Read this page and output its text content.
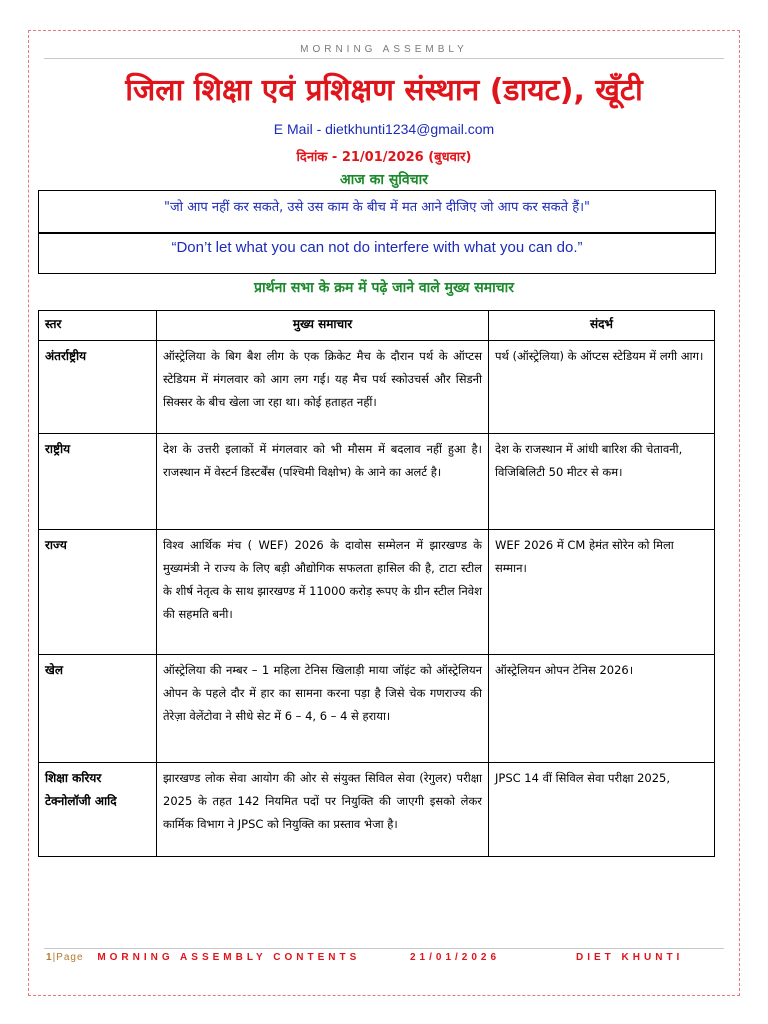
MORNING ASSEMBLY
जिला शिक्षा एवं प्रशिक्षण संस्थान (डायट), खूँटी
E Mail - dietkhunti1234@gmail.com
दिनांक - 21/01/2026 (बुधवार)
आज का सुविचार
"जो आप नहीं कर सकते, उसे उस काम के बीच में मत आने दीजिए जो आप कर सकते हैं।"
“Don’t let what you can not do interfere with what you can do.”
प्रार्थना सभा के क्रम में पढ़े जाने वाले मुख्य समाचार
स्तर	मुख्य समाचार	संदर्भ
अंतर्राष्ट्रीय	ऑस्ट्रेलिया के बिग बैश लीग के एक क्रिकेट मैच के दौरान पर्थ के ऑप्टस स्टेडियम में मंगलवार को आग लग गई। यह मैच पर्थ स्कोउचर्स और सिडनी सिक्सर के बीच खेला जा रहा था। कोई हताहत नहीं।	पर्थ (ऑस्ट्रेलिया) के ऑप्टस स्टेडियम में लगी आग।
राष्ट्रीय	देश के उत्तरी इलाकों में मंगलवार को भी मौसम में बदलाव नहीं हुआ है। राजस्थान में वेस्टर्न डिस्टर्बेंस (पश्चिमी विक्षोभ) के आने का अलर्ट है।	देश के राजस्थान में आंधी बारिश की चेतावनी, विजिबिलिटी 50 मीटर से कम।
राज्य	विश्व आर्थिक मंच ( WEF) 2026 के दावोस सम्मेलन में झारखण्ड के मुख्यमंत्री ने राज्य के लिए बड़ी औद्योगिक सफलता हासिल की है, टाटा स्टील के शीर्ष नेतृत्व के साथ झारखण्ड में 11000 करोड़ रूपए के ग्रीन स्टील निवेश की सहमति बनी।	WEF 2026 में CM हेमंत सोरेन को मिला सम्मान।
खेल	ऑस्ट्रेलिया की नम्बर – 1 महिला टेनिस खिलाड़ी माया जॉइंट को ऑस्ट्रेलियन ओपन के पहले दौर में हार का सामना करना पड़ा है जिसे चेक गणराज्य की तेरेज़ा वेलेंटोवा ने सीधे सेट में 6 – 4, 6 – 4 से हराया।	ऑस्ट्रेलियन ओपन टेनिस 2026।
शिक्षा करियर टेक्नोलॉजी आदि	झारखण्ड लोक सेवा आयोग की ओर से संयुक्त सिविल सेवा (रेगुलर) परीक्षा 2025 के तहत 142 नियमित पदों पर नियुक्ति की जाएगी इसको लेकर कार्मिक विभाग ने JPSC को नियुक्ति का प्रस्ताव भेजा है।	JPSC 14 वीं सिविल सेवा परीक्षा 2025,
1|Page MORNING ASSEMBLY CONTENTS	21/01/2026	DIET KHUNTI
